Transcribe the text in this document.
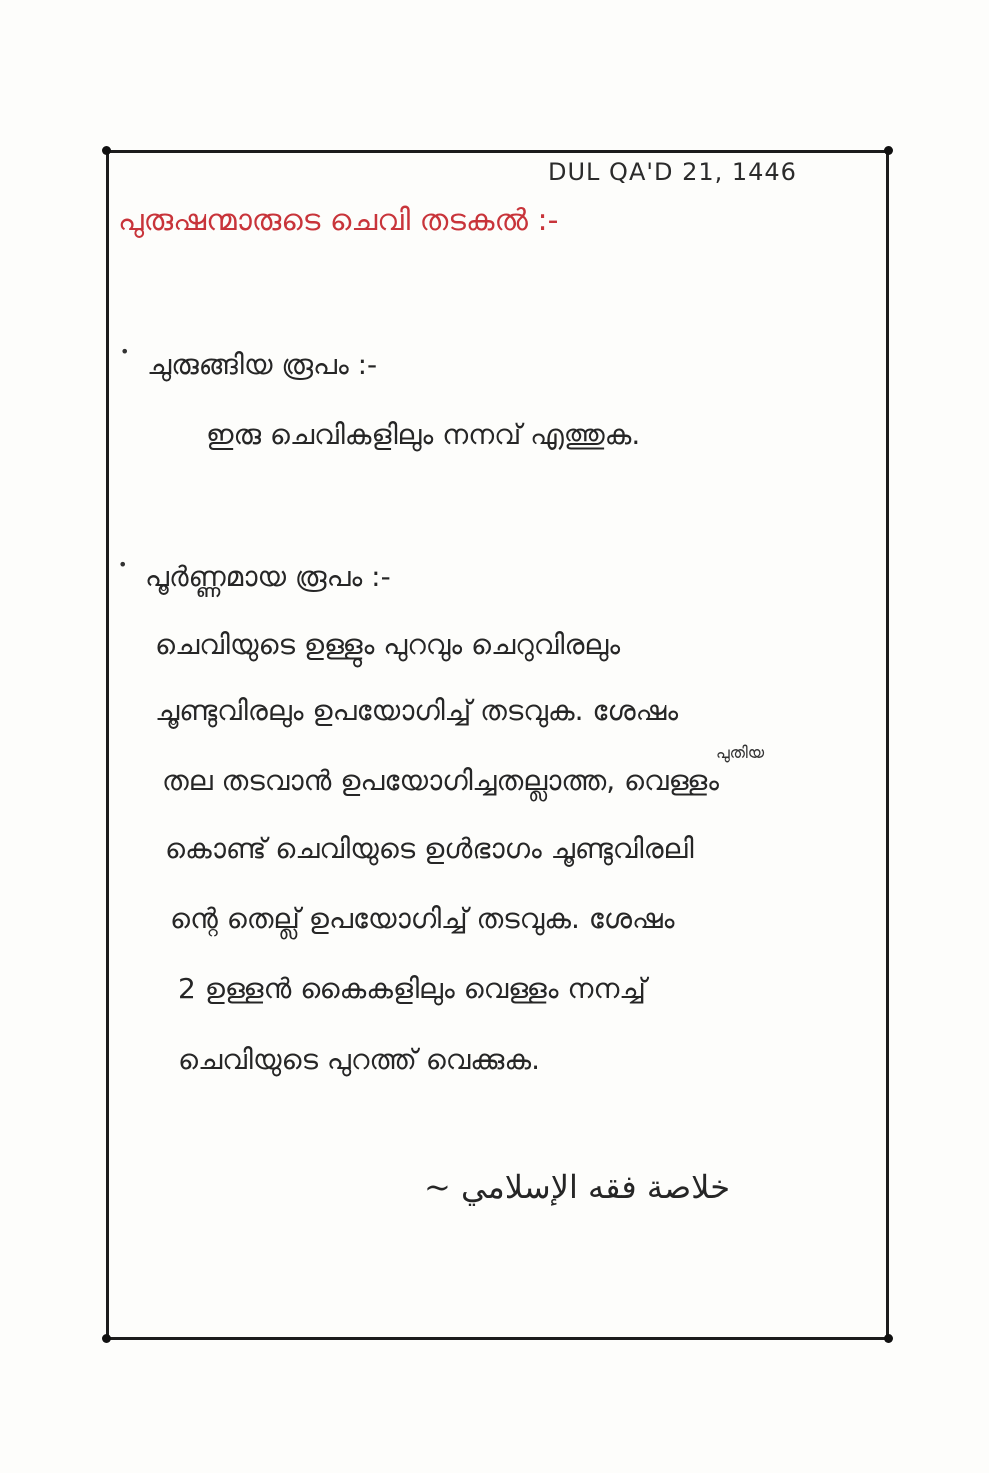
DUL QA'D 21, 1446
പുരുഷന്മാരുടെ ചെവി തടകൽ :-
• ചുരുങ്ങിയ രൂപം :-
ഇരു ചെവികളിലും നനവ് എത്തുക.
• പൂർണ്ണമായ രൂപം :-
ചെവിയുടെ ഉള്ളും പുറവും ചെറുവിരലും
ചൂണ്ടുവിരലും ഉപയോഗിച്ച് തടവുക. ശേഷം
പുതിയ
തല തടവാൻ ഉപയോഗിച്ചതല്ലാത്ത, വെള്ളം
കൊണ്ട് ചെവിയുടെ ഉൾഭാഗം ചൂണ്ടുവിരലി
ന്റെ തെല്ല് ഉപയോഗിച്ച് തടവുക. ശേഷം
2 ഉള്ളൻ കൈകളിലും വെള്ളം നനച്ച്
ചെവിയുടെ പുറത്ത് വെക്കുക.
~ خلاصة فقه الإسلامي
